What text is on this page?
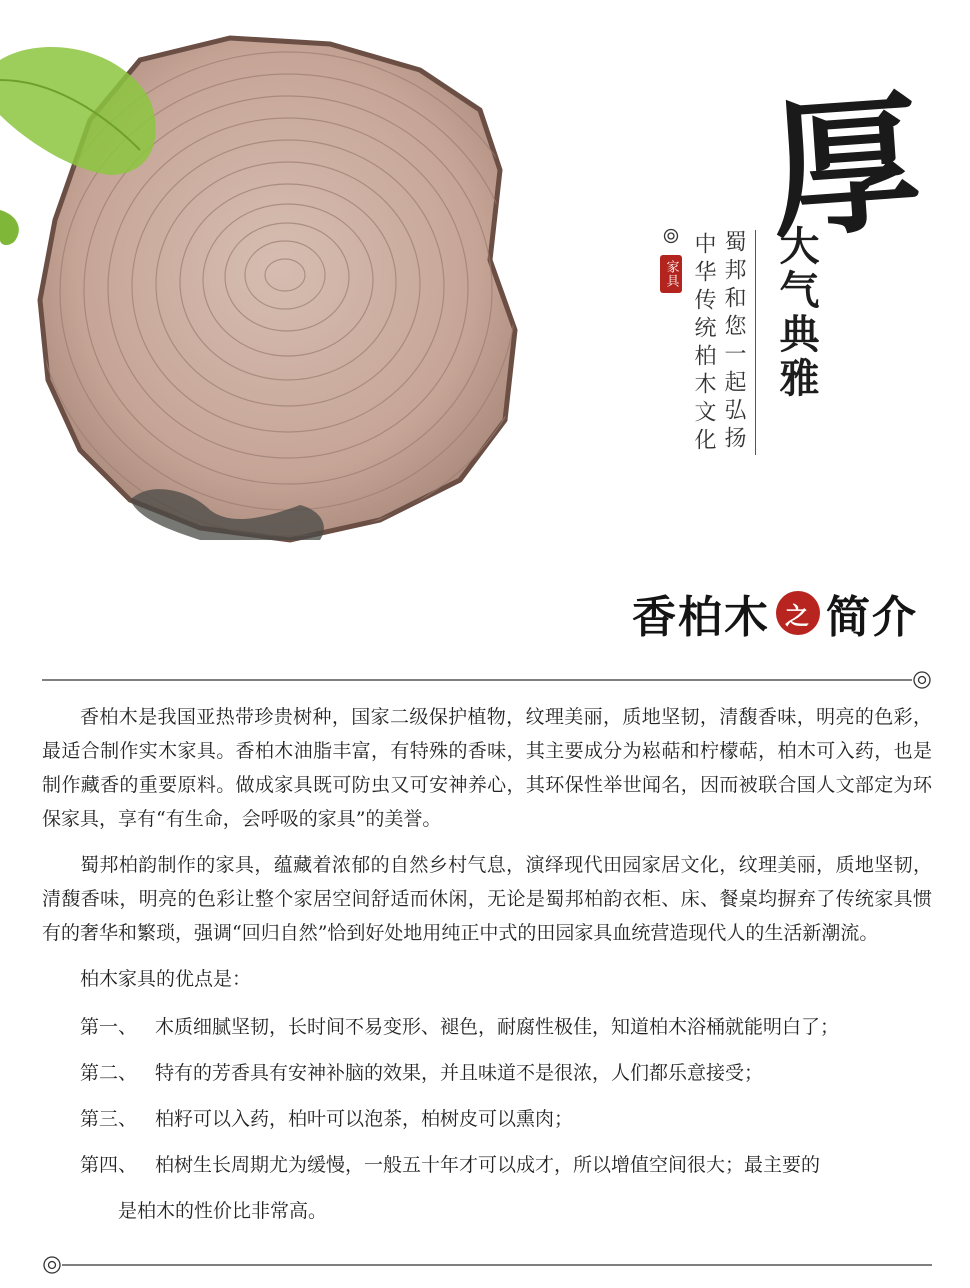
厚
大气典雅
蜀邦和您一起弘扬
中华传统柏木文化
家具
香柏木 之 简介

香柏木是我国亚热带珍贵树种，国家二级保护植物，纹理美丽，质地坚韧，清馥香味，明亮的色彩，最适合制作实木家具。香柏木油脂丰富，有特殊的香味，其主要成分为崧萜和柠檬萜，柏木可入药，也是制作藏香的重要原料。做成家具既可防虫又可安神养心，其环保性举世闻名，因而被联合国人文部定为环保家具，享有“有生命，会呼吸的家具”的美誉。

蜀邦柏韵制作的家具，蕴藏着浓郁的自然乡村气息，演绎现代田园家居文化，纹理美丽，质地坚韧，清馥香味，明亮的色彩让整个家居空间舒适而休闲，无论是蜀邦柏韵衣柜、床、餐桌均摒弃了传统家具惯有的奢华和繁琐，强调“回归自然”恰到好处地用纯正中式的田园家具血统营造现代人的生活新潮流。

柏木家具的优点是：

第一、 木质细腻坚韧，长时间不易变形、褪色，耐腐性极佳，知道柏木浴桶就能明白了；
第二、 特有的芳香具有安神补脑的效果，并且味道不是很浓，人们都乐意接受；
第三、 柏籽可以入药，柏叶可以泡茶，柏树皮可以熏肉；
第四、 柏树生长周期尤为缓慢，一般五十年才可以成才，所以增值空间很大；最主要的

是柏木的性价比非常高。
